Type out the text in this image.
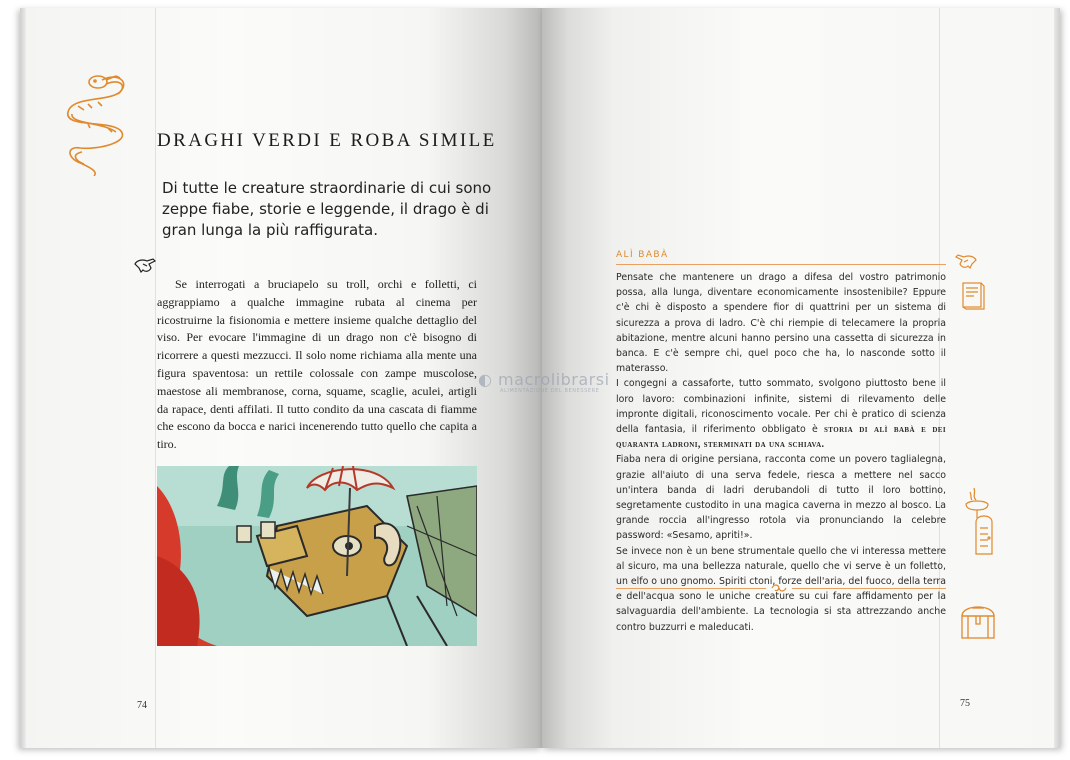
DRAGHI VERDI E ROBA SIMILE

Di tutte le creature straordinarie di cui sono zeppe fiabe, storie e leggende, il drago è di gran lunga la più raffigurata.

Se interrogati a bruciapelo su troll, orchi e folletti, ci aggrappiamo a qualche immagine rubata al cinema per ricostruirne la fisionomia e mettere insieme qualche dettaglio del viso. Per evocare l'immagine di un drago non c'è bisogno di ricorrere a questi mezzucci. Il solo nome richiama alla mente una figura spaventosa: un rettile colossale con zampe muscolose, maestose ali membranose, corna, squame, scaglie, aculei, artigli da rapace, denti affilati. Il tutto condito da una cascata di fiamme che escono da bocca e narici incenerendo tutto quello che capita a tiro.

74
ALÌ BABÀ

Pensate che mantenere un drago a difesa del vostro patrimonio possa, alla lunga, diventare economicamente insostenibile? Eppure c'è chi è disposto a spendere fior di quattrini per un sistema di sicurezza a prova di ladro. C'è chi riempie di telecamere la propria abitazione, mentre alcuni hanno persino una cassetta di sicurezza in banca. E c'è sempre chi, quel poco che ha, lo nasconde sotto il materasso.

I congegni a cassaforte, tutto sommato, svolgono piuttosto bene il loro lavoro: combinazioni infinite, sistemi di rilevamento delle impronte digitali, riconoscimento vocale. Per chi è pratico di scienza della fantasia, il riferimento obbligato è storia di alì babà e dei quaranta ladroni, sterminati da una schiava.

Fiaba nera di origine persiana, racconta come un povero taglialegna, grazie all'aiuto di una serva fedele, riesca a mettere nel sacco un'intera banda di ladri derubandoli di tutto il loro bottino, segretamente custodito in una magica caverna in mezzo al bosco. La grande roccia all'ingresso rotola via pronunciando la celebre password: «Sesamo, apriti!».

Se invece non è un bene strumentale quello che vi interessa mettere al sicuro, ma una bellezza naturale, quello che vi serve è un folletto, un elfo o uno gnomo. Spiriti ctoni, forze dell'aria, del fuoco, della terra e dell'acqua sono le uniche creature su cui fare affidamento per la salvaguardia dell'ambiente. La tecnologia si sta attrezzando anche contro buzzurri e maleducati.

75
◐ macrolibrarsi
ALIMENTAZIONE DEL BENESSERE
